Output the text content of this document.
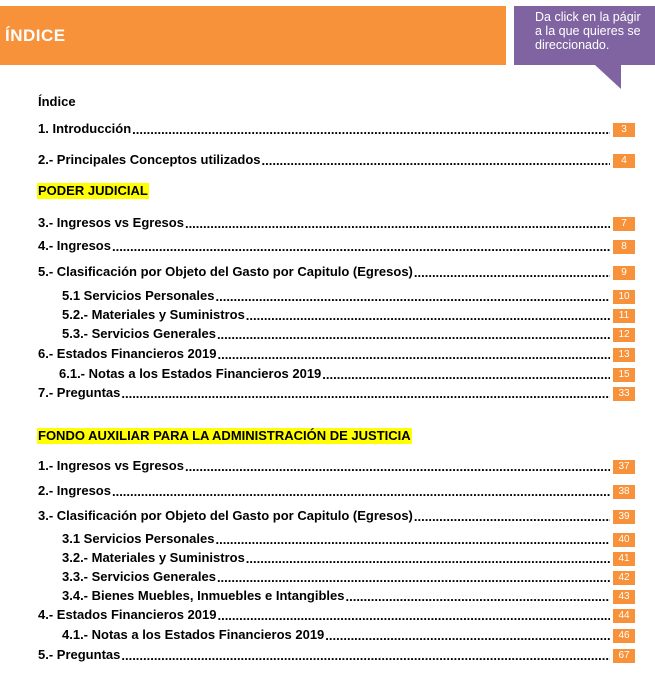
ÍNDICE
Da click en la págir
a la que quieres se
direccionado.
Índice
1. Introducción .....	3
2.- Principales Conceptos utilizados .....	4
PODER JUDICIAL
3.- Ingresos vs Egresos .....	7
4.- Ingresos .....	8
5.- Clasificación por Objeto del Gasto por Capitulo (Egresos) .....	9
5.1 Servicios Personales .....	10
5.2.- Materiales y Suministros .....	11
5.3.- Servicios Generales .....	12
6.- Estados Financieros 2019 .....	13
6.1.- Notas a los Estados Financieros 2019 .....	15
7.- Preguntas .....	33
FONDO AUXILIAR PARA LA ADMINISTRACIÓN DE JUSTICIA
1.- Ingresos vs Egresos .....	37
2.- Ingresos .....	38
3.- Clasificación por Objeto del Gasto por Capitulo (Egresos) .....	39
3.1 Servicios Personales .....	40
3.2.- Materiales y Suministros .....	41
3.3.- Servicios Generales .....	42
3.4.- Bienes Muebles, Inmuebles e Intangibles .....	43
4.- Estados Financieros 2019 .....	44
4.1.- Notas a los Estados Financieros 2019 .....	46
5.- Preguntas .....	67
